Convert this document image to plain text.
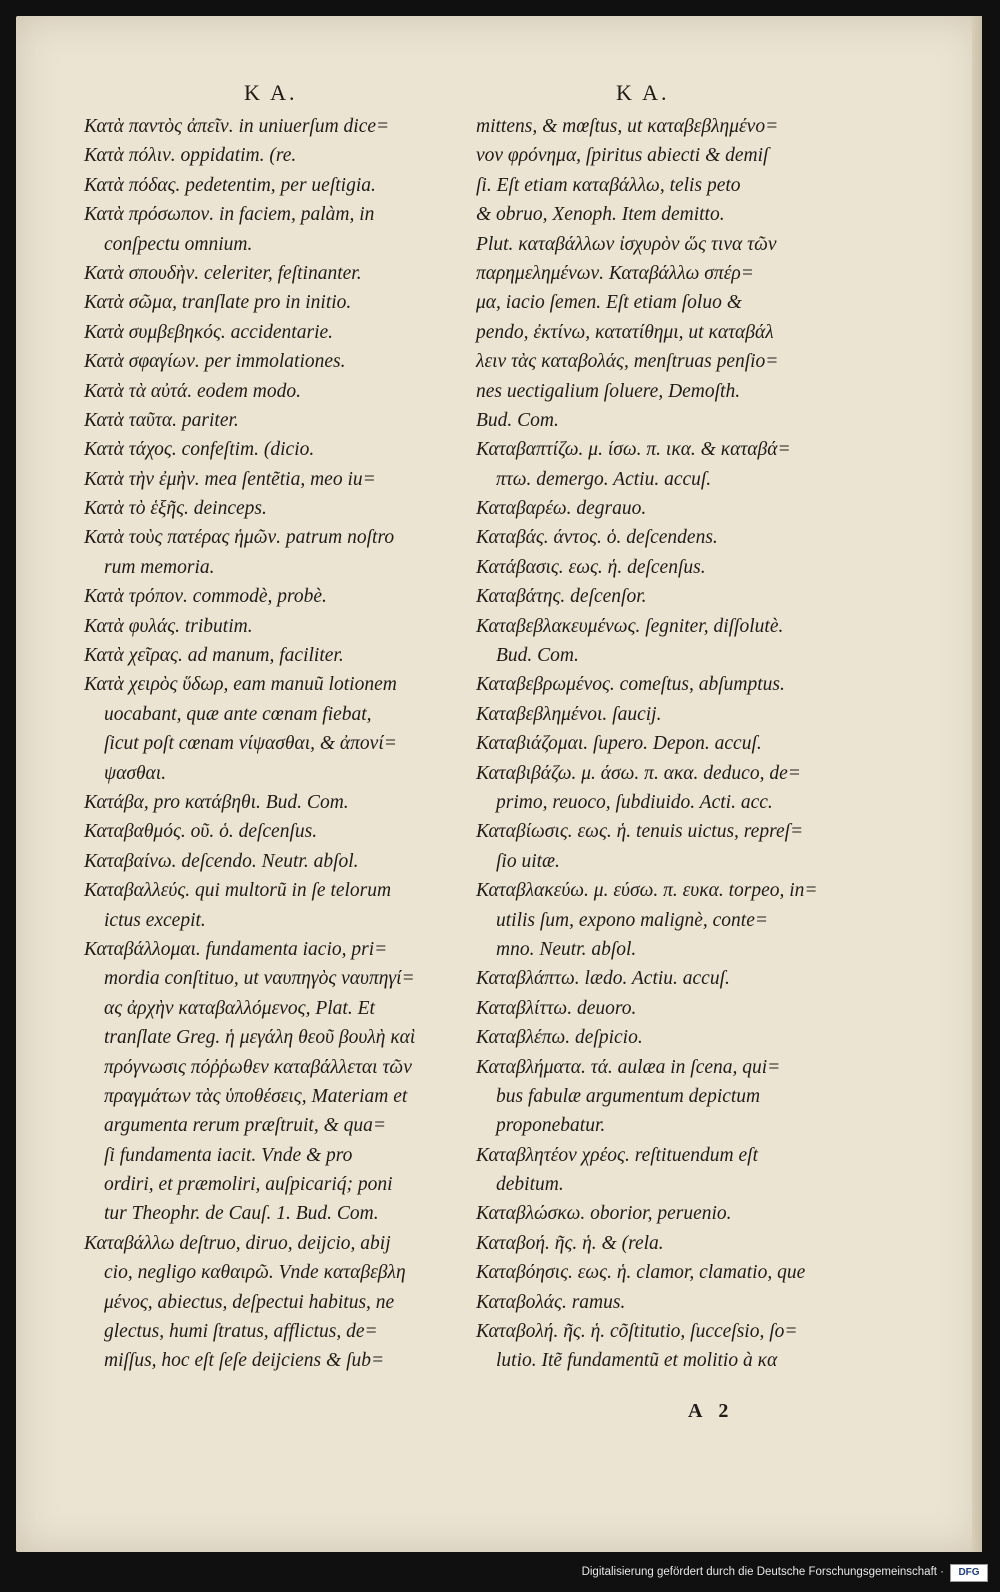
K A.	K A.
Κατὰ παντὸς ἀπεῖν. in uniuerſum dice=
Κατὰ πόλιν. oppidatim. (re.
Κατὰ πόδας. pedetentim, per ueſtigia.
Κατὰ πρόσωπον. in faciem, palàm, in
conſpectu omnium.
Κατὰ σπουδὴν. celeriter, feſtinanter.
Κατὰ σῶμα, tranſlate pro in initio.
Κατὰ συμβεβηκός. accidentarie.
Κατὰ σφαγίων. per immolationes.
Κατὰ τὰ αὐτά. eodem modo.
Κατὰ ταῦτα. pariter.
Κατὰ τάχος. confeſtim. (dicio.
Κατὰ τὴν ἐμὴν. mea ſentẽtia, meo iu=
Κατὰ τὸ ἑξῆς. deinceps.
Κατὰ τοὺς πατέρας ἡμῶν. patrum noſtro
rum memoria.
Κατὰ τρόπον. commodè, probè.
Κατὰ φυλάς. tributim.
Κατὰ χεῖρας. ad manum, faciliter.
Κατὰ χειρὸς ὕδωρ, eam manuũ lotionem
uocabant, quæ ante cœnam fiebat,
ſicut poſt cœnam νίψασθαι, & ἀπονί=
ψασθαι.
Κατάβα, pro κατάβηθι. Bud. Com.
Καταβαθμός. οῦ. ὁ. deſcenſus.
Καταβαίνω. deſcendo. Neutr. abſol.
Καταβαλλεύς. qui multorũ in ſe telorum
ictus excepit.
Καταβάλλομαι. fundamenta iacio, pri=
mordia conſtituo, ut ναυπηγὸς ναυπηγί=
ας ἀρχὴν καταβαλλόμενος, Plat. Et
tranſlate Greg. ἡ μεγάλη θεοῦ βουλὴ καὶ
πρόγνωσις πόῤῥωθεν καταβάλλεται τῶν
πραγμάτων τὰς ὑποθέσεις, Materiam et
argumenta rerum præſtruit, & qua=
ſi fundamenta iacit. Vnde & pro
ordiri, et præmoliri, auſpicariq́; poni
tur Theophr. de Cauſ. 1. Bud. Com.
Καταβάλλω deſtruo, diruo, deijcio, abij
cio, negligo καθαιρῶ. Vnde καταβεβλη
μένος, abiectus, deſpectui habitus, ne
glectus, humi ſtratus, afflictus, de=
miſſus, hoc eſt ſeſe deijciens & ſub=
mittens, & mœſtus, ut καταβεβλημένο=
νον φρόνημα, ſpiritus abiecti & demiſ
ſi. Eſt etiam καταβάλλω, telis peto
& obruo, Xenoph. Item demitto.
Plut. καταβάλλων ἰσχυρὸν ὥς τινα τῶν
παρημελημένων. Καταβάλλω σπέρ=
μα, iacio ſemen. Eſt etiam ſoluo &
pendo, ἐκτίνω, κατατίθημι, ut καταβάλ
λειν τὰς καταβολάς, menſtruas penſio=
nes uectigalium ſoluere, Demoſth.
Bud. Com.
Καταβαπτίζω. μ. ίσω. π. ικα. & καταβά=
πτω. demergo. Actiu. accuſ.
Καταβαρέω. degrauo.
Καταβάς. άντος. ὁ. deſcendens.
Κατάβασις. εως. ἡ. deſcenſus.
Καταβάτης. deſcenſor.
Καταβεβλακευμένως. ſegniter, diſſolutè.
Bud. Com.
Καταβεβρωμένος. comeſtus, abſumptus.
Καταβεβλημένοι. ſaucij.
Καταβιάζομαι. ſupero. Depon. accuſ.
Καταβιβάζω. μ. άσω. π. ακα. deduco, de=
primo, reuoco, ſubdiuido. Acti. acc.
Καταβίωσις. εως. ἡ. tenuis uictus, repreſ=
ſio uitæ.
Καταβλακεύω. μ. εύσω. π. ευκα. torpeo, in=
utilis ſum, expono malignè, conte=
mno. Neutr. abſol.
Καταβλάπτω. lædo. Actiu. accuſ.
Καταβλίττω. deuoro.
Καταβλέπω. deſpicio.
Καταβλήματα. τά. aulæa in ſcena, qui=
bus fabulæ argumentum depictum
proponebatur.
Καταβλητέον χρέος. reſtituendum eſt
debitum.
Καταβλώσκω. oborior, peruenio.
Καταβοή. ῆς. ἡ. & (rela.
Καταβόησις. εως. ἡ. clamor, clamatio, que
Καταβολάς. ramus.
Καταβολή. ῆς. ἡ. cõſtitutio, ſucceſsio, ſo=
lutio. Itẽ fundamentũ et molitio à κα
A 2
Digitalisierung gefördert durch die Deutsche Forschungsgemeinschaft ·	DFG
